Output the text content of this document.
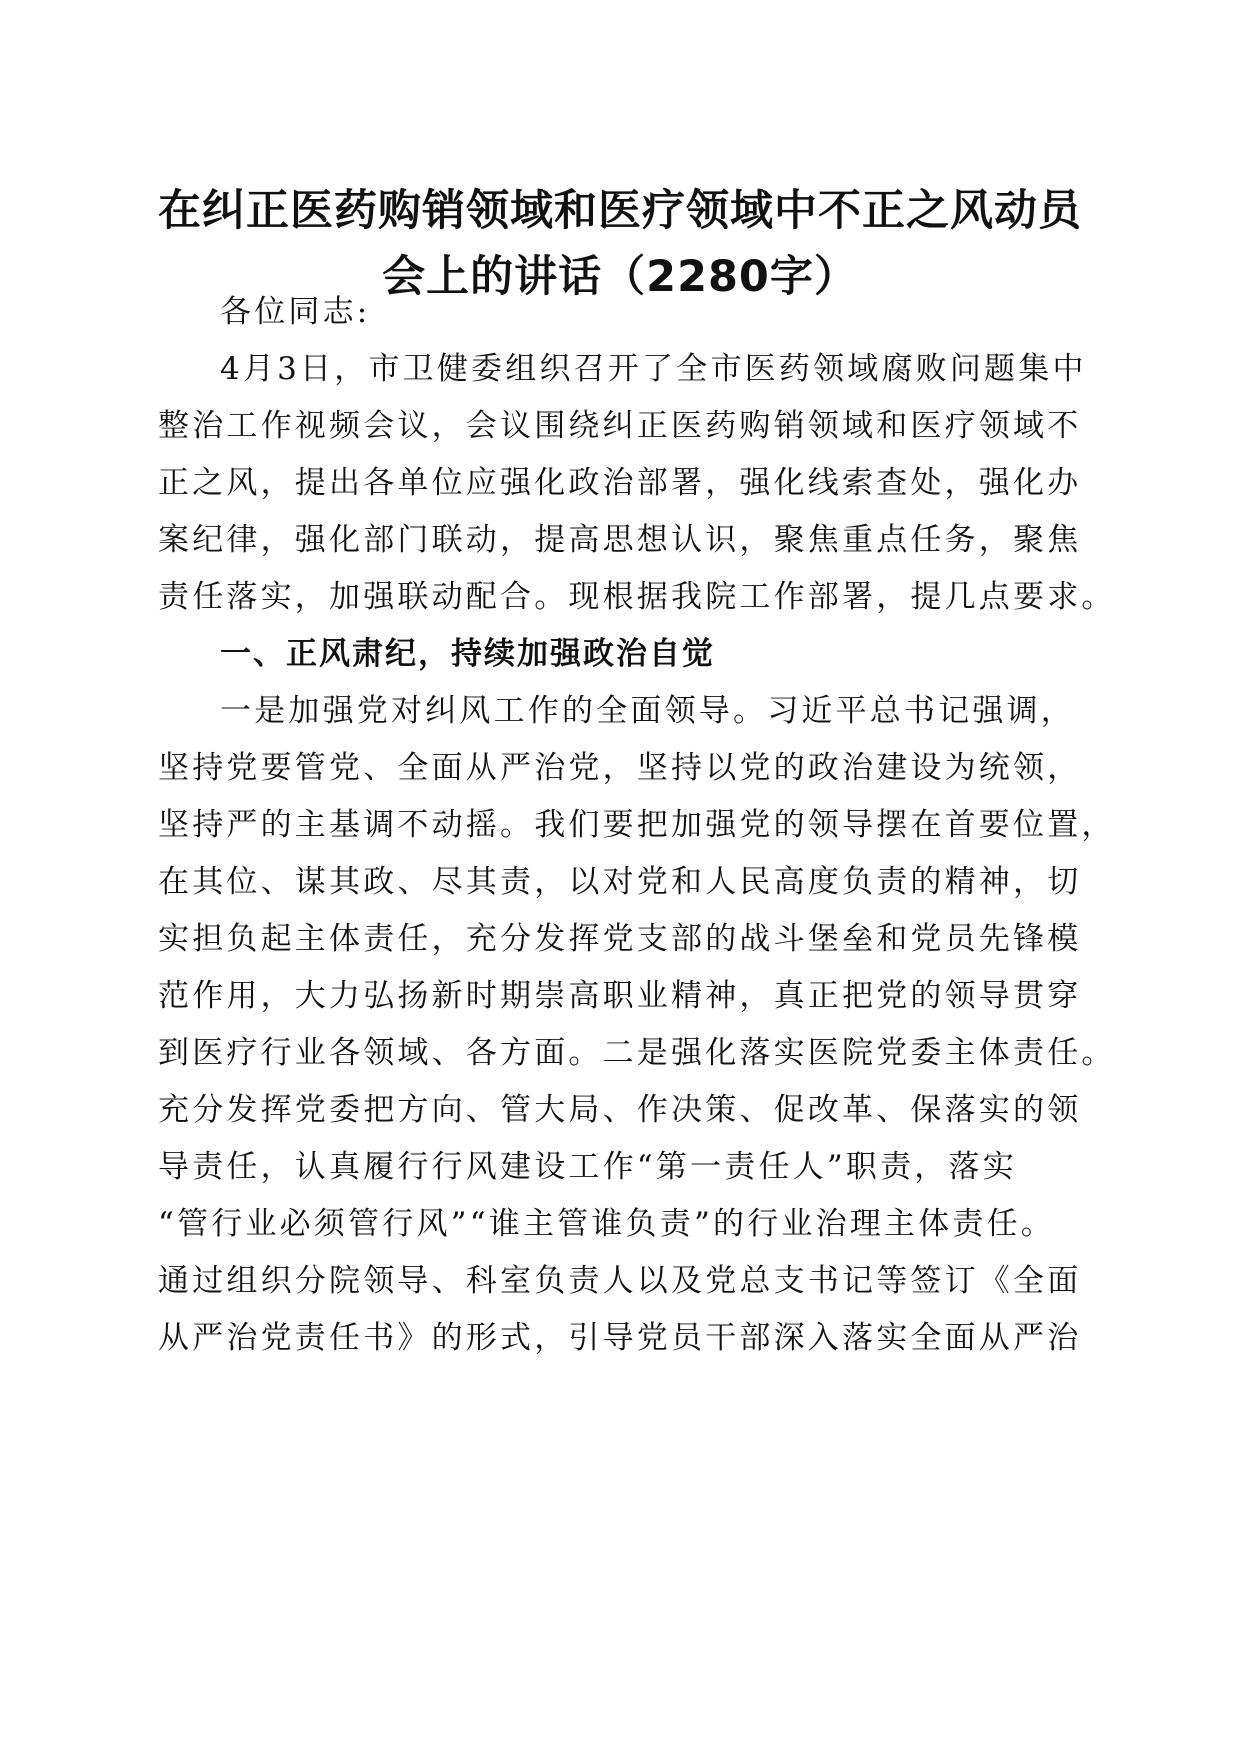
在纠正医药购销领域和医疗领域中不正之风动员会上的讲话（2280字）

各位同志:

4月3日，市卫健委组织召开了全市医药领域腐败问题集中

整治工作视频会议，会议围绕纠正医药购销领域和医疗领域不

正之风，提出各单位应强化政治部署，强化线索查处，强化办

案纪律，强化部门联动，提高思想认识，聚焦重点任务，聚焦

责任落实，加强联动配合。现根据我院工作部署，提几点要求。

一、正风肃纪，持续加强政治自觉

一是加强党对纠风工作的全面领导。习近平总书记强调，

坚持党要管党、全面从严治党，坚持以党的政治建设为统领，

坚持严的主基调不动摇。我们要把加强党的领导摆在首要位置，

在其位、谋其政、尽其责，以对党和人民高度负责的精神，切

实担负起主体责任，充分发挥党支部的战斗堡垒和党员先锋模

范作用，大力弘扬新时期崇高职业精神，真正把党的领导贯穿

到医疗行业各领域、各方面。二是强化落实医院党委主体责任。

充分发挥党委把方向、管大局、作决策、促改革、保落实的领

导责任，认真履行行风建设工作“第一责任人”职责，落实

“管行业必须管行风”“谁主管谁负责”的行业治理主体责任。

通过组织分院领导、科室负责人以及党总支书记等签订《全面

从严治党责任书》的形式，引导党员干部深入落实全面从严治
